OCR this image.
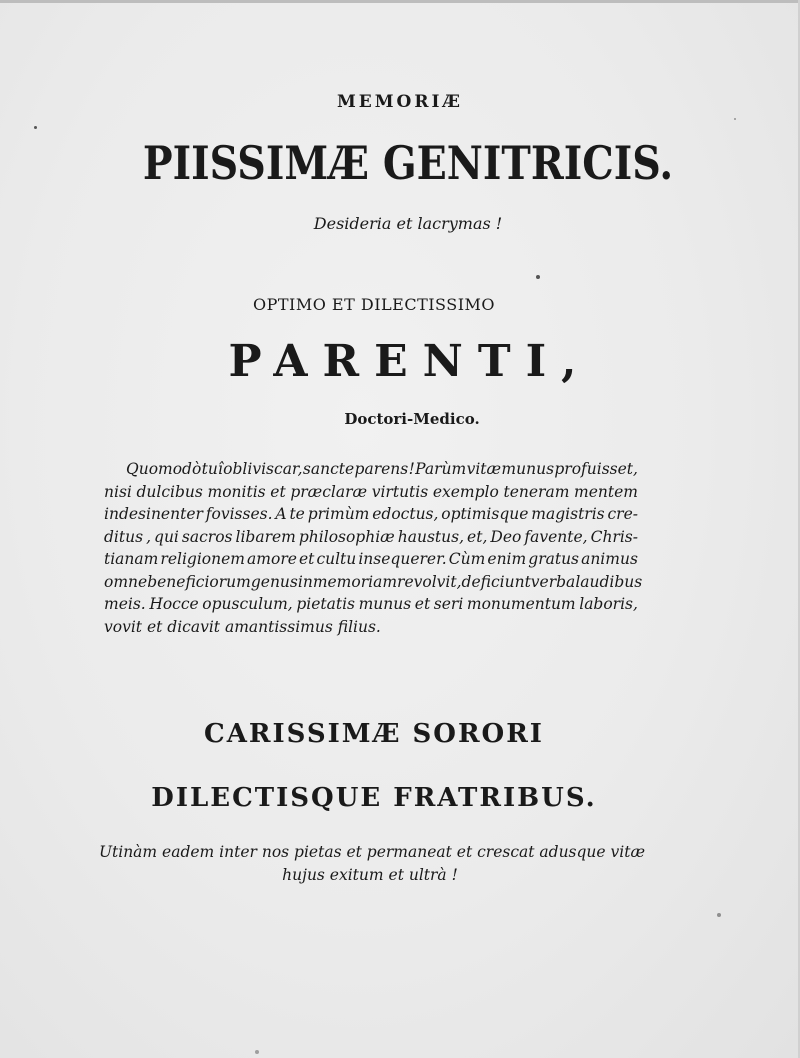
MEMORIÆ
PIISSIMÆ GENITRICIS.
Desideria et lacrymas !
OPTIMO ET DILECTISSIMO
PARENTI,
Doctori-Medico.
Quomodò tuî obliviscar, sancte parens ! Parùm vitæ munus profuisset,
nisi dulcibus monitis et præclaræ virtutis exemplo teneram mentem
indesinenter fovisses. A te primùm edoctus, optimisque magistris cre-
ditus , qui sacros libarem philosophiæ haustus, et, Deo favente, Chris-
tianam religionem amore et cultu insequerer. Cùm enim gratus animus
omne beneficiorum genus in memoriam revolvit, deficiunt verba laudibus
meis. Hocce opusculum, pietatis munus et seri monumentum laboris,
vovit et dicavit amantissimus filius.
CARISSIMÆ SORORI
DILECTISQUE FRATRIBUS.
Utinàm eadem inter nos pietas et permaneat et crescat adusque vitæ
hujus exitum et ultrà !
